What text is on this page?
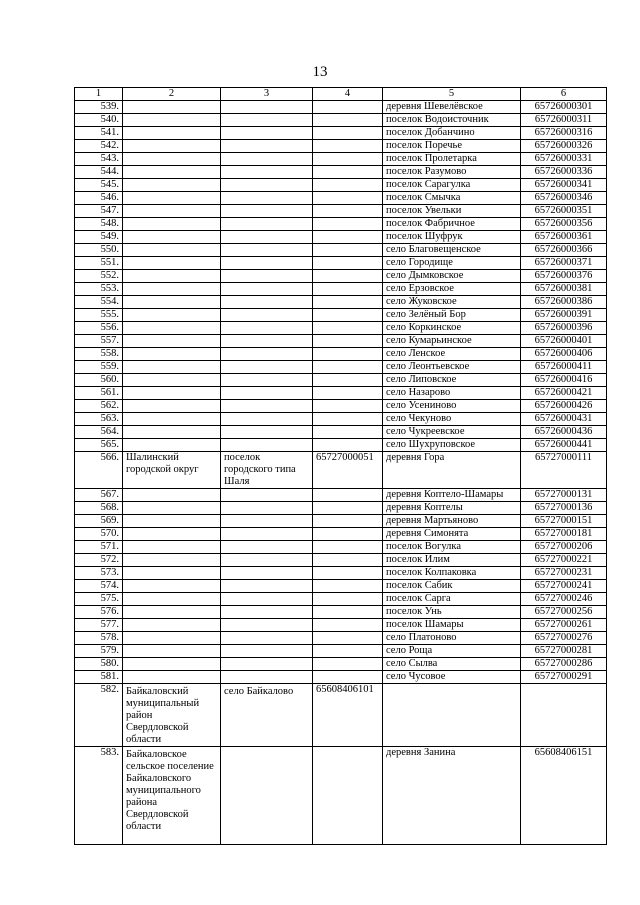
13
1	2	3	4	5	6
539.				деревня Шевелёвское	65726000301
540.				поселок Водоисточник	65726000311
541.				поселок Добанчино	65726000316
542.				поселок Поречье	65726000326
543.				поселок Пролетарка	65726000331
544.				поселок Разумово	65726000336
545.				поселок Сарагулка	65726000341
546.				поселок Смычка	65726000346
547.				поселок Увельки	65726000351
548.				поселок Фабричное	65726000356
549.				поселок Шуфрук	65726000361
550.				село Благовещенское	65726000366
551.				село Городище	65726000371
552.				село Дымковское	65726000376
553.				село Ерзовское	65726000381
554.				село Жуковское	65726000386
555.				село Зелёный Бор	65726000391
556.				село Коркинское	65726000396
557.				село Кумарьинское	65726000401
558.				село Ленское	65726000406
559.				село Леонтьевское	65726000411
560.				село Липовское	65726000416
561.				село Назарово	65726000421
562.				село Усениново	65726000426
563.				село Чекуново	65726000431
564.				село Чукреевское	65726000436
565.				село Шухруповское	65726000441
566.	Шалинский городской округ	поселок городского типа Шаля	65727000051	деревня Гора	65727000111
567.				деревня Коптело-Шамары	65727000131
568.				деревня Коптелы	65727000136
569.				деревня Мартьяново	65727000151
570.				деревня Симонята	65727000181
571.				поселок Вогулка	65727000206
572.				поселок Илим	65727000221
573.				поселок Колпаковка	65727000231
574.				поселок Сабик	65727000241
575.				поселок Сарга	65727000246
576.				поселок Унь	65727000256
577.				поселок Шамары	65727000261
578.				село Платоново	65727000276
579.				село Роща	65727000281
580.				село Сылва	65727000286
581.				село Чусовое	65727000291
582.	Байкаловский муниципальный район Свердловской области	село Байкалово	65608406101		
583.	Байкаловское сельское поселение Байкаловского муниципального района Свердловской области			деревня Занина	65608406151
